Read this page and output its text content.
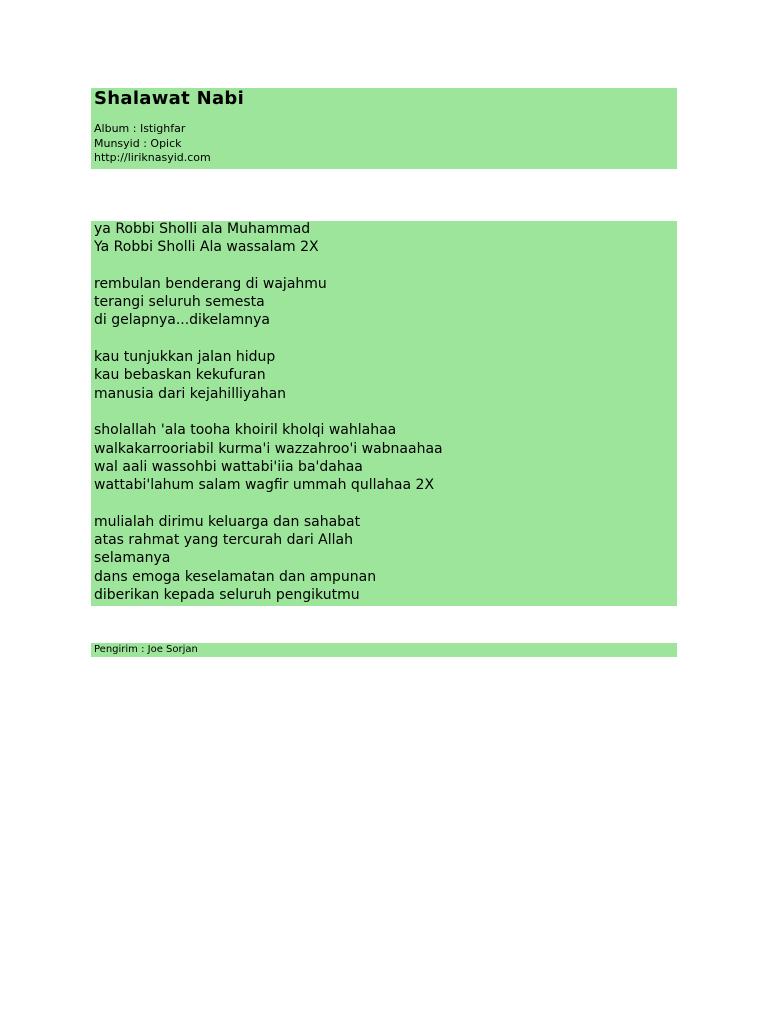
Shalawat Nabi
Album : Istighfar
Munsyid : Opick
http://liriknasyid.com
ya Robbi Sholli ala Muhammad
Ya Robbi Sholli Ala wassalam 2X
rembulan benderang di wajahmu
terangi seluruh semesta
di gelapnya...dikelamnya
kau tunjukkan jalan hidup
kau bebaskan kekufuran
manusia dari kejahilliyahan
sholallah 'ala tooha khoiril kholqi wahlahaa
walkakarrooriabil kurma'i wazzahroo'i wabnaahaa
wal aali wassohbi wattabi'iia ba'dahaa
wattabi'lahum salam wagfir ummah qullahaa 2X
mulialah dirimu keluarga dan sahabat
atas rahmat yang tercurah dari Allah
selamanya
dans emoga keselamatan dan ampunan
diberikan kepada seluruh pengikutmu
Pengirim : Joe Sorjan
